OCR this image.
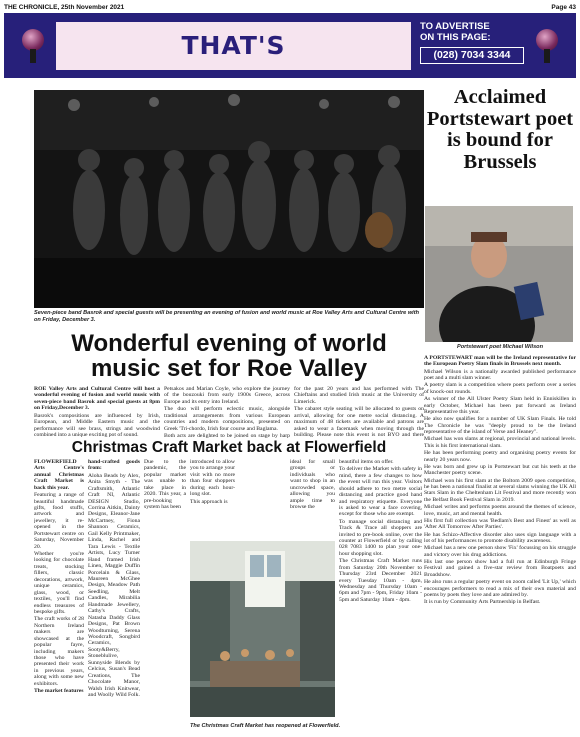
THE CHRONICLE, 25th November 2021	Page 43
THAT'S
TO ADVERTISE
ON THIS PAGE:
(028) 7034 3344
Seven-piece band Basrok and special guests will be presenting an evening of fusion and world music at Roe Valley Arts and Cultural Centre with on Friday, December 3.
Acclaimed Portstewart poet is bound for Brussels
Portstewart poet Michael Wilson

A PORTSTEWART man will be the Ireland representative for the European Poetry Slam finals in Brussels next month.

Michael Wilson is a nationally awarded published performance poet and a multi slam winner.

A poetry slam is a competition where poets perform over a series of knock-out rounds.

As winner of the All Ulster Poetry Slam held in Enniskillen in early October, Michael has been put forward as Ireland Representative this year.

He also now qualifies for a number of UK Slam Finals. He told The Chronicle he was "deeply proud to be the Ireland representative of the island of Verse and Heaney".

Michael has won slams at regional, provincial and national levels. This is his first international slam.

He has been performing poetry and organising poetry events for nearly 20 years now.

He was born and grew up in Portstewart but cut his teeth at the Manchester poetry scene.

Michael won his first slam at the Boltom 2009 open competition, he has been a national finalist at several slams winning the UK All Stars Slam in the Cheltenham Lit Festival and more recently won the Belfast Book Festival Slam in 2019.

Michael writes and performs poems around the themes of science, love, music, art and mental health.

His first full collection was 'Bedlam's Best and Finest' as well as 'After All Tomorrow After Parties'.

He has Schizo-Affective disorder also uses sign language with a lot of his performances to promote disability awareness.

Michael has a new one person show 'Fix' focussing on his struggle and victory over his drug addictions.

His last one person show had a full run at Edinburgh Fringe Festival and gained a five-star review from Boatpoets and Broadshow.

He also runs a regular poetry event on zoom called 'Lit Up,' which encourages performers to read a mix of their own material and poems by poets they love and are admired by.

It is run by Community Arts Partnership in Belfast.

Wonderful evening of world music set for Roe Valley

ROE Valley Arts and Cultural Centre will host a wonderful evening of fusion and world music with seven-piece band Basrok and special guests at 8pm on Friday,December 3.

Basrok's compositions are influenced by Irish, European, and Middle Eastern music and the performance will see brass, strings and woodwind combined into a unique exciting pot of sound.

Petsakos and Marian Coyle, who explore the journey of the bouzouki from early 1900s Greece, across Europe and its entry into Ireland.

The duo will perform eclectic music, alongside traditional arrangements from various European countries and modern compositions, presented on Greek 'Tri-chordo, Irish four course and Baglama.

Both acts are delighted to be joined on stage by harp

for the past 20 years and has performed with The Chieftains and studied Irish music at the University of Limerick.

The cabaret style seating will be allocated to guests on arrival, allowing for one metre social distancing. A maximum of 48 tickets are available and patrons are asked to wear a facemask when moving through the building. Please note this event is not BYO and there

Christmas Craft Market back at Flowerfield

FLOWERFIELD Arts Centre's annual Christmas Craft Market is back this year.

Featuring a range of beautiful handmade gifts, food stuffs, artwork and jewellery, it re-opened in the Portstewart centre on Saturday, November 20.

Whether you're looking for chocolate treats, stocking fillers, classic decorations, artwork, unique ceramics, glass, wood, or textiles, you'll find endless treasures of bespoke gifts.

The craft works of 28 Northern Ireland makers are showcased at the popular fayre, including makers those who have presented their work in previous years, along with some new exhibitors.

The market features

hand-crafted goods from:

Aloha Beads by Alex, Anita Smyth - The Craftsmith, Atlantic Craft NI, Atlantic DESIGN Studio, Corrina Aitkin, Dainty Designs, Eleanor-Jane McCartney, Fiona Shannon Ceramics, Gail Kelly Printmaker, Linda, Rachel and Tara Lewis - Textile Artists, Lucy Turner Hand framed Irish Linen, Maggie Duffin Porcelain & Glass, Maureen McGhee Design, Meadow Path Seedling, Melt Candles, Mirabilia Handmade Jewellery, Cathy's Crafts, Natasha Daddy Glass Designs, Pat Brown Woodturning, Serena Woodcraft, Songbird Ceramics, Sooty&Berry, Stoneblulive, Sunnyside Blends by Celcius, Susan's Bead Creations, The Chocolate Manor, Walsh Irish Knitwear, and Woolly Wild Folk.

Due to the pandemic, the popular market was unable to take place in 2020. This year, a pre-booking system has been

introduced to allow you to arrange your visit with no more than four shoppers during each hour-long slot.

This approach is

ideal for small groups or individuals who want to shop in an uncrowded space, allowing you ample time to browse the

beautiful items on offer.

To deliver the Market with safety in mind, there a few changes to how the event will run this year. Visitors should adhere to two metre social distancing and practice good hand and respiratory etiquette. Everyone is asked to wear a face covering, except for those who are exempt.

To manage social distancing and Track & Trace all shoppers are invited to pre-book online, over the counter at Flowerfield or by calling 028 7083 1400 to plan your one-hour shopping slot.

The Christmas Craft Market runs from Saturday 20th November to Thursday 23rd December 2021 every Tuesday 10am - 4pm, Wednesday and Thursday 10am - 6pm and 7pm - 9pm, Friday 10am - 5pm and Saturday 10am - 4pm.

The Christmas Craft Market has reopened at Flowerfield.
